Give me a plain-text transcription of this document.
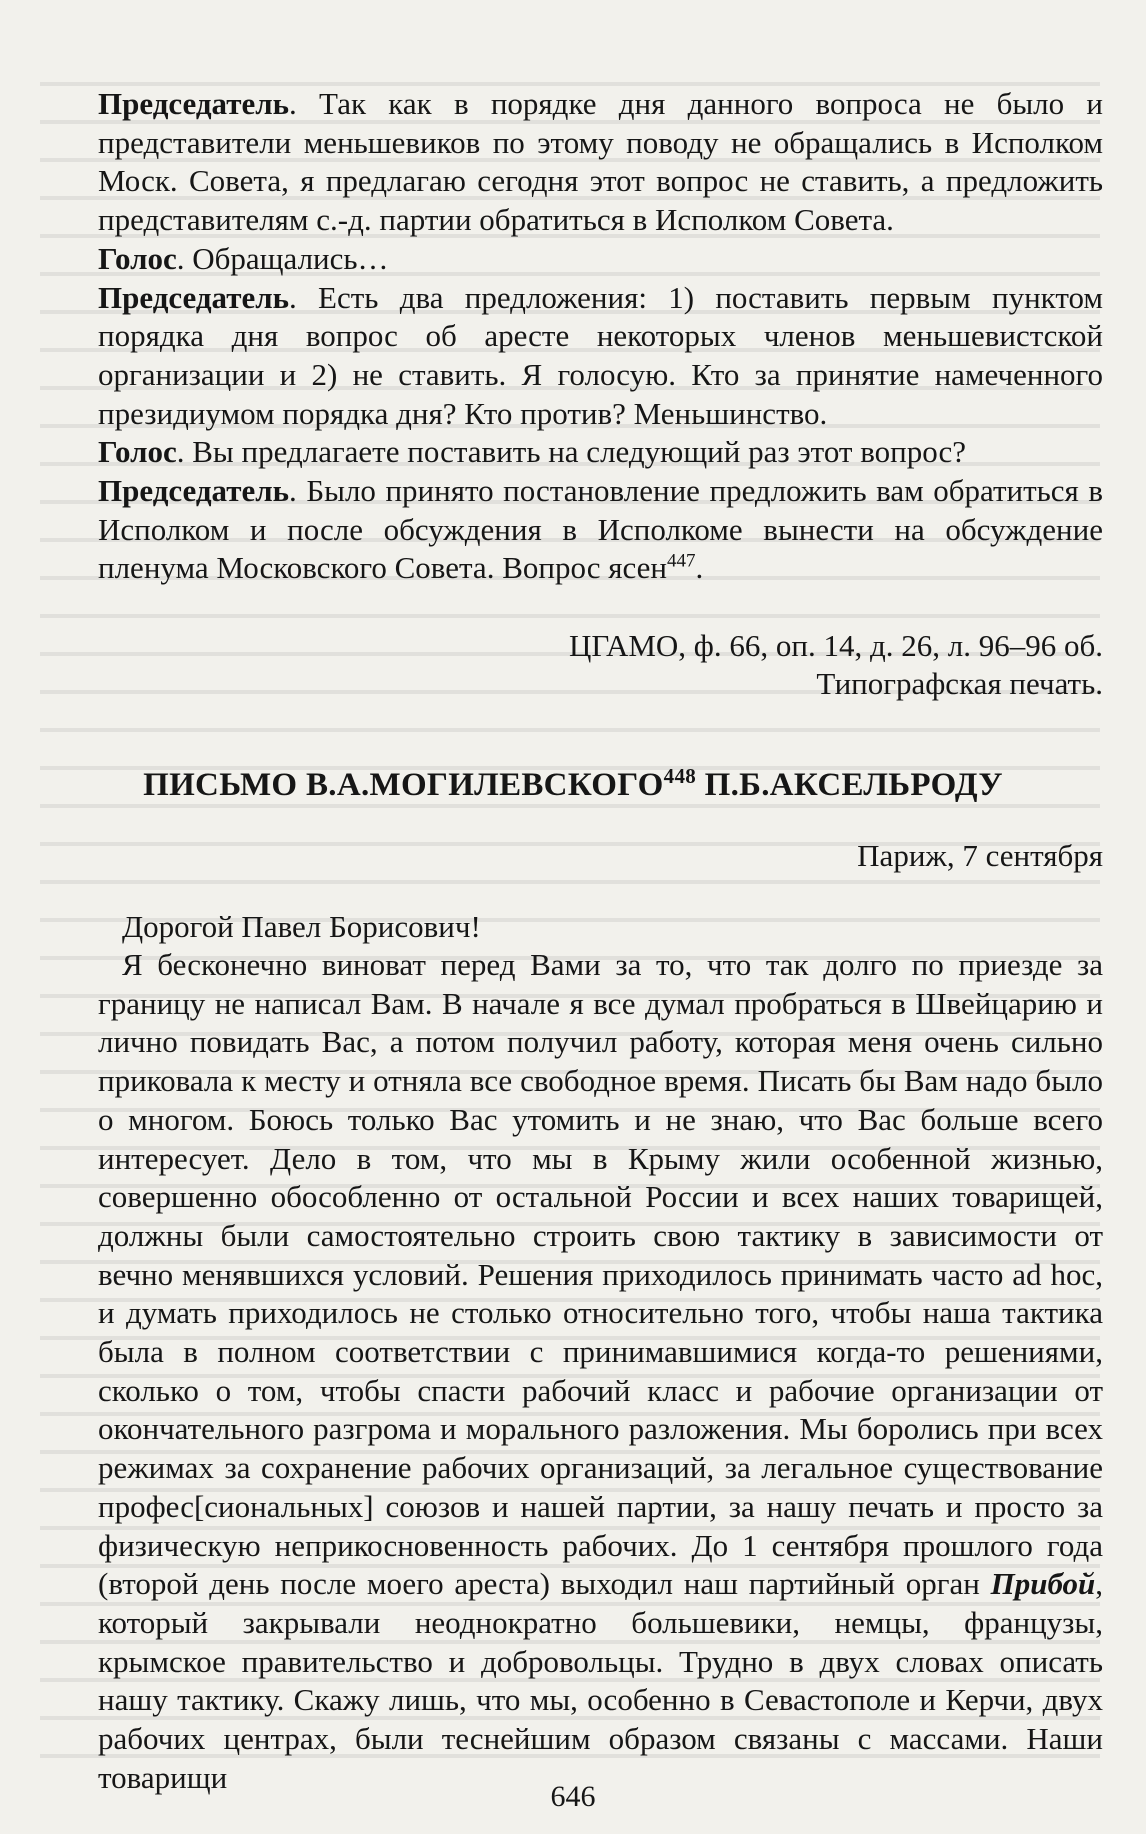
Председатель. Так как в порядке дня данного вопроса не было и представители меньшевиков по этому поводу не обращались в Исполком Моск. Совета, я предлагаю сегодня этот вопрос не ставить, а предложить представителям с.-д. партии обратиться в Исполком Совета.

Голос. Обращались…

Председатель. Есть два предложения: 1) поставить первым пунктом порядка дня вопрос об аресте некоторых членов меньшевистской организации и 2) не ставить. Я голосую. Кто за принятие намеченного президиумом порядка дня? Кто против? Меньшинство.

Голос. Вы предлагаете поставить на следующий раз этот вопрос?

Председатель. Было принято постановление предложить вам обратиться в Исполком и после обсуждения в Исполкоме вынести на обсуждение пленума Московского Совета. Вопрос ясен$^{447}$.

ЦГАМО, ф. 66, оп. 14, д. 26, л. 96–96 об.
Типографская печать.
ПИСЬМО В.А.МОГИЛЕВСКОГО$^{448}$ П.Б.АКСЕЛЬРОДУ
Париж, 7 сентября
Дорогой Павел Борисович!

Я бесконечно виноват перед Вами за то, что так долго по приезде за границу не написал Вам. В начале я все думал пробраться в Швейцарию и лично повидать Вас, а потом получил работу, которая меня очень сильно приковала к месту и отняла все свободное время. Писать бы Вам надо было о многом. Боюсь только Вас утомить и не знаю, что Вас больше всего интересует. Дело в том, что мы в Крыму жили особенной жизнью, совершенно обособленно от остальной России и всех наших товарищей, должны были самостоятельно строить свою тактику в зависимости от вечно менявшихся условий. Решения приходилось принимать часто ad hoc, и думать приходилось не столько относительно того, чтобы наша тактика была в полном соответствии с принимавшимися когда-то решениями, сколько о том, чтобы спасти рабочий класс и рабочие организации от окончательного разгрома и морального разложения. Мы боролись при всех режимах за сохранение рабочих организаций, за легальное существование профес[сиональных] союзов и нашей партии, за нашу печать и просто за физическую неприкосновенность рабочих. До 1 сентября прошлого года (второй день после моего ареста) выходил наш партийный орган Прибой, который закрывали неоднократно большевики, немцы, французы, крымское правительство и добровольцы. Трудно в двух словах описать нашу тактику. Скажу лишь, что мы, особенно в Севастополе и Керчи, двух рабочих центрах, были теснейшим образом связаны с массами. Наши товарищи

646
